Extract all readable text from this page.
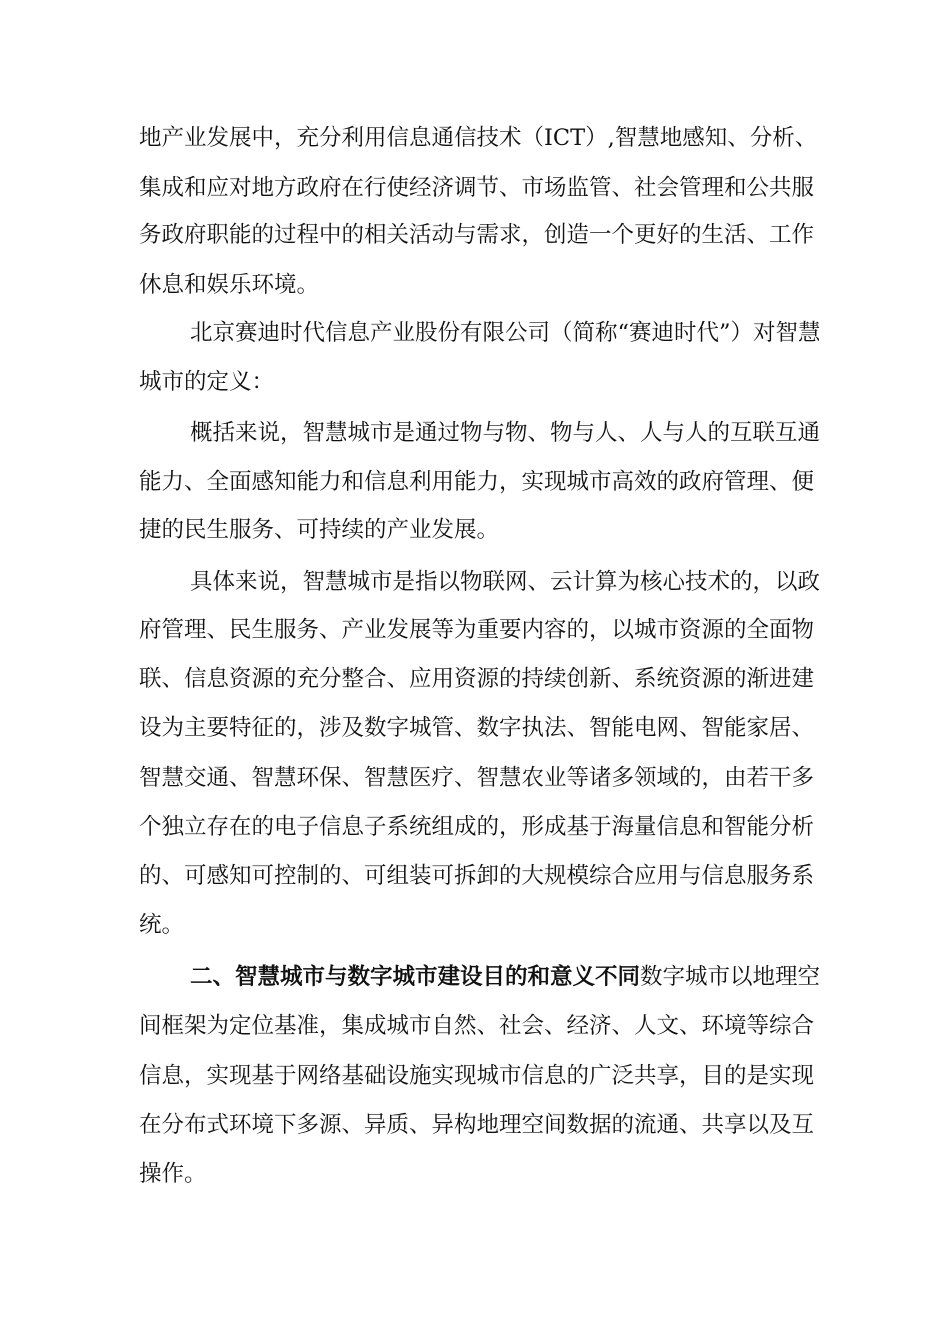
地产业发展中，充分利用信息通信技术（ICT）,智慧地感知、分析、

集成和应对地方政府在行使经济调节、市场监管、社会管理和公共服

务政府职能的过程中的相关活动与需求，创造一个更好的生活、工作

休息和娱乐环境。

北京赛迪时代信息产业股份有限公司（简称“赛迪时代”）对智慧

城市的定义：

概括来说，智慧城市是通过物与物、物与人、人与人的互联互通

能力、全面感知能力和信息利用能力，实现城市高效的政府管理、便

捷的民生服务、可持续的产业发展。

具体来说，智慧城市是指以物联网、云计算为核心技术的，以政

府管理、民生服务、产业发展等为重要内容的，以城市资源的全面物

联、信息资源的充分整合、应用资源的持续创新、系统资源的渐进建

设为主要特征的，涉及数字城管、数字执法、智能电网、智能家居、

智慧交通、智慧环保、智慧医疗、智慧农业等诸多领域的，由若干多

个独立存在的电子信息子系统组成的，形成基于海量信息和智能分析

的、可感知可控制的、可组装可拆卸的大规模综合应用与信息服务系

统。

二、智慧城市与数字城市建设目的和意义不同数字城市以地理空

间框架为定位基准，集成城市自然、社会、经济、人文、环境等综合

信息，实现基于网络基础设施实现城市信息的广泛共享，目的是实现

在分布式环境下多源、异质、异构地理空间数据的流通、共享以及互

操作。
